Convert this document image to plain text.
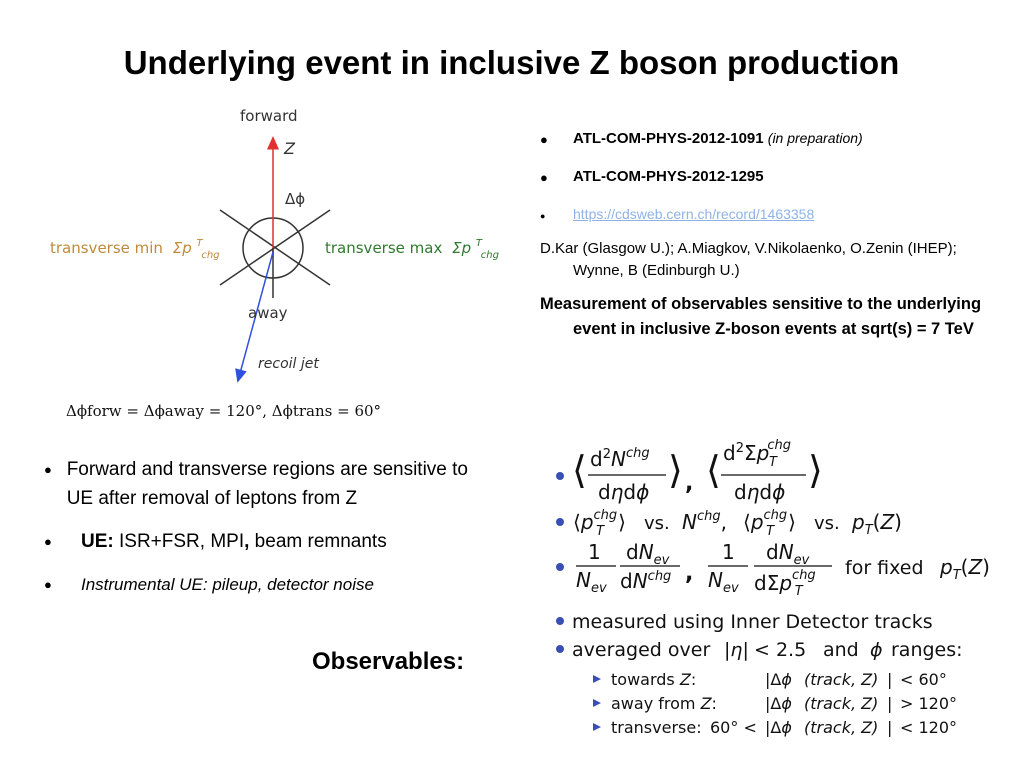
Underlying event in inclusive Z boson production
forward
Z
Δϕ
transverse min Σp $^T$ chg	transverse max Σp $^T$ chg
away
recoil jet
Δϕforw = Δϕaway = 120°, Δϕtrans = 60°
●	ATL-COM-PHYS-2012-1091 (in preparation)
●	ATL-COM-PHYS-2012-1295
●	https://cdsweb.cern.ch/record/1463358
D.Kar (Glasgow U.); A.Miagkov, V.Nikolaenko, O.Zenin (IHEP); Wynne, B (Edinburgh U.)
Measurement of observables sensitive to the underlying event in inclusive Z-boson events at sqrt(s) = 7 TeV
● Forward and transverse regions are sensitive to UE after removal of leptons from Z
●	UE: ISR+FSR, MPI, beam remnants
●	Instrumental UE: pileup, detector noise
Observables:
⟨ $d^2N^{chg}$
dηdϕ ⟩ , ⟨ $d^2\Sigma pchg$ T
dηdϕ ⟩
$⟨p^{chg}$ T ⟩ vs. $N^{chg}$, $⟨p^{chg}$ T ⟩ vs. $p_T(Z)$
1
$N_{ev}$
$dN_{ev}$
$dN^{chg}$ ,
1
$N_{ev}$
$dN_{ev}$
dΣp$^{chg}$ T
for fixed $p_T(Z)$
measured using Inner Detector tracks
averaged over |η| < 2.5 and ϕ ranges:
towards Z:	|Δϕ (track, Z) | < 60°
away from Z:	|Δϕ (track, Z) | > 120°
transverse: 60° < |Δϕ (track, Z) | < 120°
